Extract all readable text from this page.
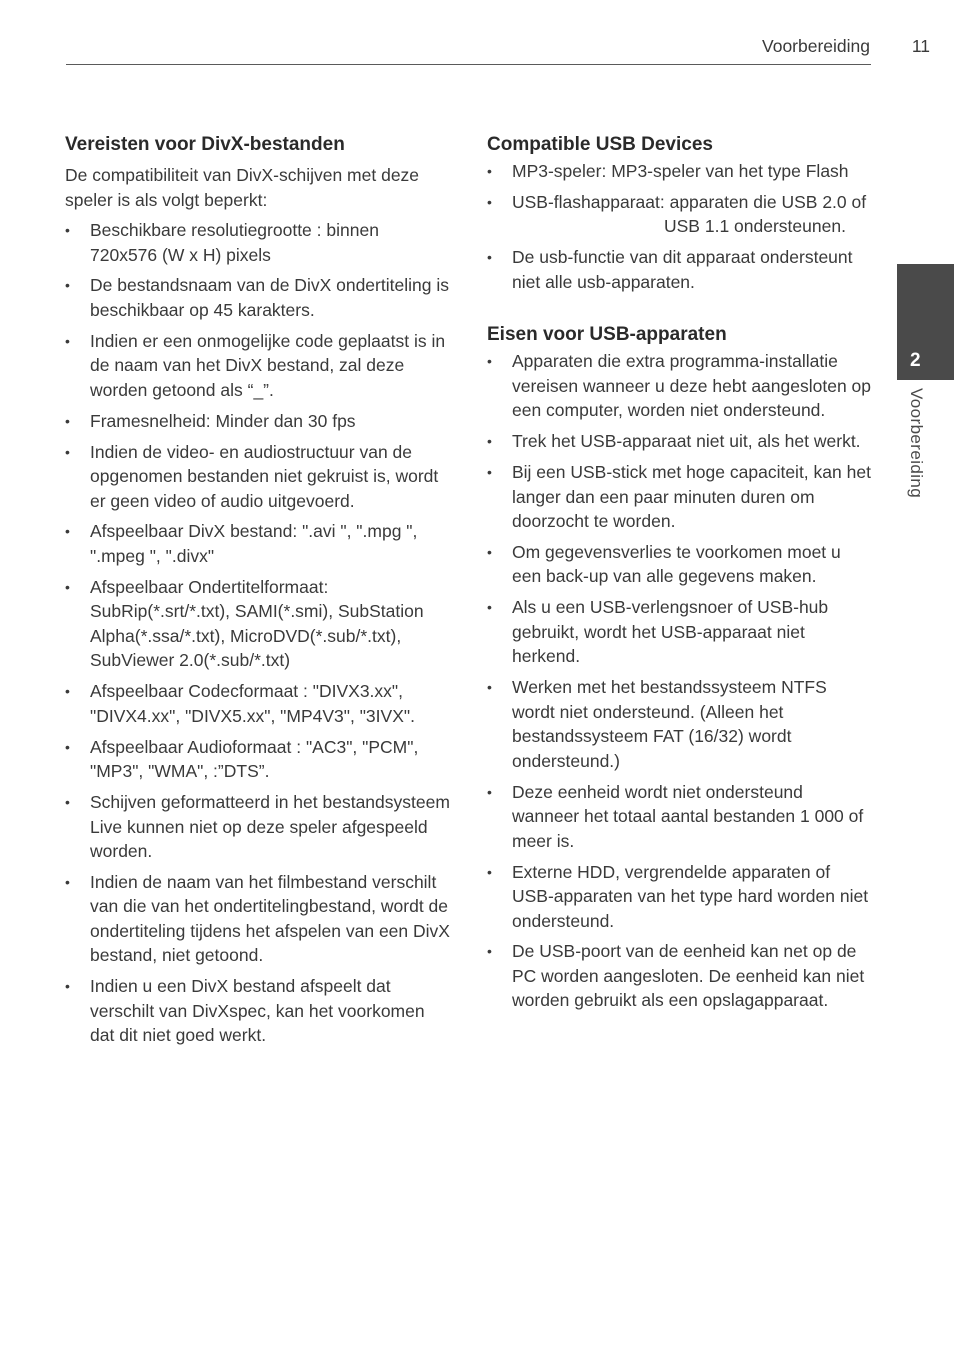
Voorbereiding	11
2
Voorbereiding
Vereisten voor DivX-bestanden

De compatibiliteit van DivX-schijven met deze speler is als volgt beperkt:

•	Beschikbare resolutiegrootte : binnen 720x576 (W x H) pixels
•	De bestandsnaam van de DivX ondertiteling is beschikbaar op 45 karakters.
•	Indien er een onmogelijke code geplaatst is in de naam van het DivX bestand, zal deze worden getoond als “_”.
•	Framesnelheid: Minder dan 30 fps
•	Indien de video- en audiostructuur van de opgenomen bestanden niet gekruist is, wordt er geen video of audio uitgevoerd.
•	Afspeelbaar DivX bestand: ".avi ", ".mpg ", ".mpeg ", ".divx"
•	Afspeelbaar Ondertitelformaat: SubRip(*.srt/*.txt), SAMI(*.smi), SubStation Alpha(*.ssa/*.txt), MicroDVD(*.sub/*.txt), SubViewer 2.0(*.sub/*.txt)
•	Afspeelbaar Codecformaat : "DIVX3.xx", "DIVX4.xx", "DIVX5.xx", "MP4V3", "3IVX".
•	Afspeelbaar Audioformaat : "AC3", "PCM", "MP3", "WMA", :”DTS”.
•	Schijven geformatteerd in het bestandsysteem Live kunnen niet op deze speler afgespeeld worden.
•	Indien de naam van het filmbestand verschilt van die van het ondertitelingbestand, wordt de ondertiteling tijdens het afspelen van een DivX bestand, niet getoond.
•	Indien u een DivX bestand afspeelt dat verschilt van DivXspec, kan het voorkomen dat dit niet goed werkt.
Compatible USB Devices
•	MP3-speler: MP3-speler van het type Flash
•	USB-flashapparaat: apparaten die USB 2.0 of
USB 1.1 ondersteunen.
•	De usb-functie van dit apparaat ondersteunt niet alle usb-apparaten.
Eisen voor USB-apparaten
•	Apparaten die extra programma-installatie vereisen wanneer u deze hebt aangesloten op een computer, worden niet ondersteund.
•	Trek het USB-apparaat niet uit, als het werkt.
•	Bij een USB-stick met hoge capaciteit, kan het langer dan een paar minuten duren om doorzocht te worden.
•	Om gegevensverlies te voorkomen moet u een back-up van alle gegevens maken.
•	Als u een USB-verlengsnoer of USB-hub gebruikt, wordt het USB-apparaat niet herkend.
•	Werken met het bestandssysteem NTFS wordt niet ondersteund. (Alleen het bestandssysteem FAT (16/32) wordt ondersteund.)
•	Deze eenheid wordt niet ondersteund wanneer het totaal aantal bestanden 1 000 of meer is.
•	Externe HDD, vergrendelde apparaten of USB-apparaten van het type hard worden niet ondersteund.
•	De USB-poort van de eenheid kan net op de PC worden aangesloten. De eenheid kan niet worden gebruikt als een opslagapparaat.
